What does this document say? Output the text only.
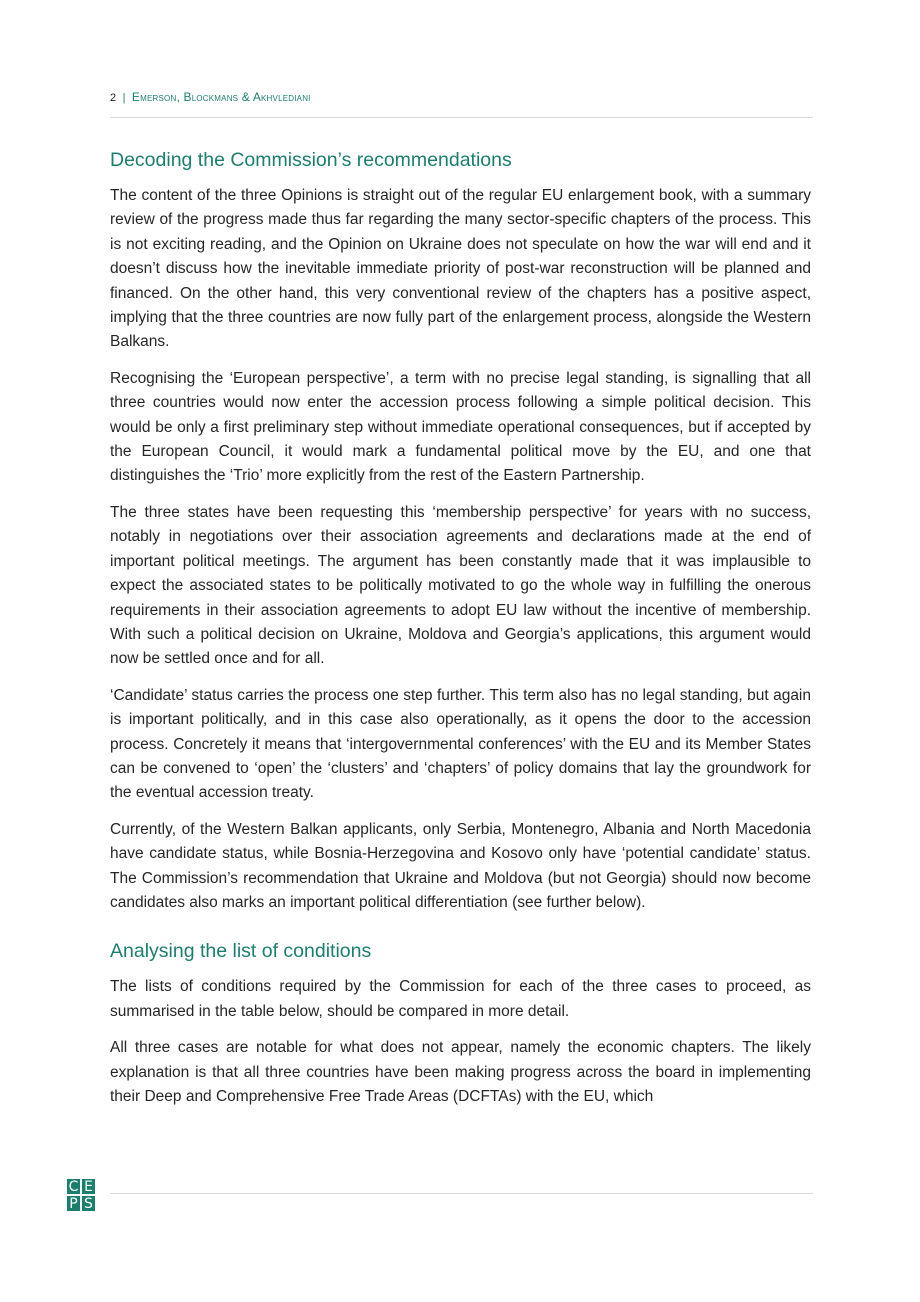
2 | Emerson, Blockmans & Akhvlediani
Decoding the Commission’s recommendations

The content of the three Opinions is straight out of the regular EU enlargement book, with a summary review of the progress made thus far regarding the many sector-specific chapters of the process. This is not exciting reading, and the Opinion on Ukraine does not speculate on how the war will end and it doesn’t discuss how the inevitable immediate priority of post-war reconstruction will be planned and financed. On the other hand, this very conventional review of the chapters has a positive aspect, implying that the three countries are now fully part of the enlargement process, alongside the Western Balkans.

Recognising the ‘European perspective’, a term with no precise legal standing, is signalling that all three countries would now enter the accession process following a simple political decision. This would be only a first preliminary step without immediate operational consequences, but if accepted by the European Council, it would mark a fundamental political move by the EU, and one that distinguishes the ‘Trio’ more explicitly from the rest of the Eastern Partnership.

The three states have been requesting this ‘membership perspective’ for years with no success, notably in negotiations over their association agreements and declarations made at the end of important political meetings. The argument has been constantly made that it was implausible to expect the associated states to be politically motivated to go the whole way in fulfilling the onerous requirements in their association agreements to adopt EU law without the incentive of membership. With such a political decision on Ukraine, Moldova and Georgia’s applications, this argument would now be settled once and for all.

‘Candidate’ status carries the process one step further. This term also has no legal standing, but again is important politically, and in this case also operationally, as it opens the door to the accession process. Concretely it means that ‘intergovernmental conferences’ with the EU and its Member States can be convened to ‘open’ the ‘clusters’ and ‘chapters’ of policy domains that lay the groundwork for the eventual accession treaty.

Currently, of the Western Balkan applicants, only Serbia, Montenegro, Albania and North Macedonia have candidate status, while Bosnia-Herzegovina and Kosovo only have ‘potential candidate’ status. The Commission’s recommendation that Ukraine and Moldova (but not Georgia) should now become candidates also marks an important political differentiation (see further below).

Analysing the list of conditions

The lists of conditions required by the Commission for each of the three cases to proceed, as summarised in the table below, should be compared in more detail.

All three cases are notable for what does not appear, namely the economic chapters. The likely explanation is that all three countries have been making progress across the board in implementing their Deep and Comprehensive Free Trade Areas (DCFTAs) with the EU, which

C E
P S
